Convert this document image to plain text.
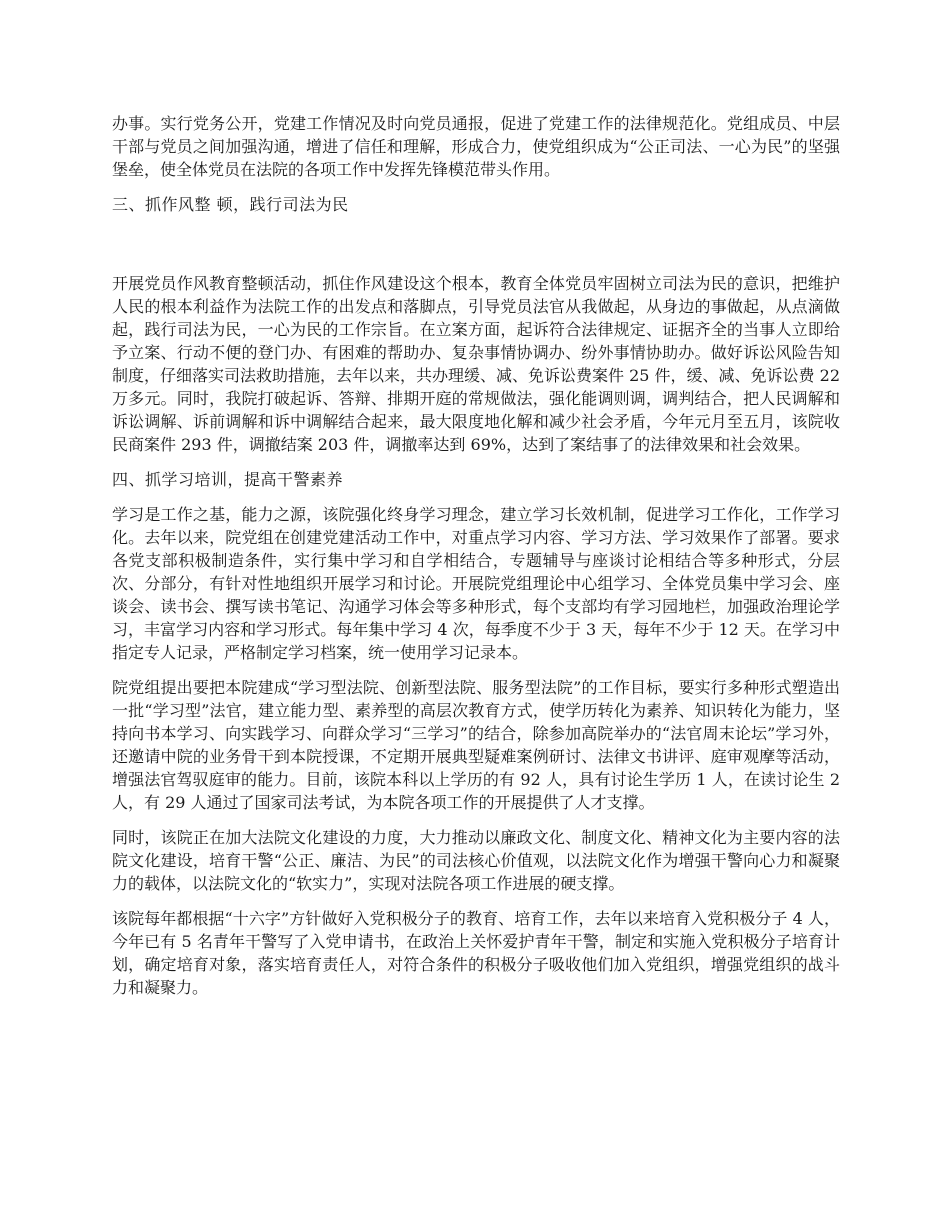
办事。实行党务公开，党建工作情况及时向党员通报，促进了党建工作的法律规范化。党组成员、中层干部与党员之间加强沟通，增进了信任和理解，形成合力，使党组织成为“公正司法、一心为民”的坚强堡垒，使全体党员在法院的各项工作中发挥先锋模范带头作用。

三、抓作风整 顿，践行司法为民

开展党员作风教育整顿活动，抓住作风建设这个根本，教育全体党员牢固树立司法为民的意识，把维护人民的根本利益作为法院工作的出发点和落脚点，引导党员法官从我做起，从身边的事做起，从点滴做起，践行司法为民，一心为民的工作宗旨。在立案方面，起诉符合法律规定、证据齐全的当事人立即给予立案、行动不便的登门办、有困难的帮助办、复杂事情协调办、纷外事情协助办。做好诉讼风险告知制度，仔细落实司法救助措施，去年以来，共办理缓、减、免诉讼费案件 25 件，缓、减、免诉讼费 22 万多元。同时，我院打破起诉、答辩、排期开庭的常规做法，强化能调则调，调判结合，把人民调解和诉讼调解、诉前调解和诉中调解结合起来，最大限度地化解和减少社会矛盾，今年元月至五月，该院收民商案件 293 件，调撤结案 203 件，调撤率达到 69%，达到了案结事了的法律效果和社会效果。

四、抓学习培训，提高干警素养

学习是工作之基，能力之源，该院强化终身学习理念，建立学习长效机制，促进学习工作化，工作学习化。去年以来，院党组在创建党建活动工作中，对重点学习内容、学习方法、学习效果作了部署。要求各党支部积极制造条件，实行集中学习和自学相结合，专题辅导与座谈讨论相结合等多种形式，分层次、分部分，有针对性地组织开展学习和讨论。开展院党组理论中心组学习、全体党员集中学习会、座谈会、读书会、撰写读书笔记、沟通学习体会等多种形式，每个支部均有学习园地栏，加强政治理论学习，丰富学习内容和学习形式。每年集中学习 4 次，每季度不少于 3 天，每年不少于 12 天。在学习中指定专人记录，严格制定学习档案，统一使用学习记录本。

院党组提出要把本院建成“学习型法院、创新型法院、服务型法院”的工作目标，要实行多种形式塑造出一批“学习型”法官，建立能力型、素养型的高层次教育方式，使学历转化为素养、知识转化为能力，坚持向书本学习、向实践学习、向群众学习“三学习”的结合，除参加高院举办的“法官周末论坛”学习外，还邀请中院的业务骨干到本院授课，不定期开展典型疑难案例研讨、法律文书讲评、庭审观摩等活动，增强法官驾驭庭审的能力。目前，该院本科以上学历的有 92 人，具有讨论生学历 1 人，在读讨论生 2 人，有 29 人通过了国家司法考试，为本院各项工作的开展提供了人才支撑。

同时，该院正在加大法院文化建设的力度，大力推动以廉政文化、制度文化、精神文化为主要内容的法院文化建设，培育干警“公正、廉洁、为民”的司法核心价值观，以法院文化作为增强干警向心力和凝聚力的载体，以法院文化的“软实力”，实现对法院各项工作进展的硬支撑。

该院每年都根据“十六字”方针做好入党积极分子的教育、培育工作，去年以来培育入党积极分子 4 人，今年已有 5 名青年干警写了入党申请书，在政治上关怀爱护青年干警，制定和实施入党积极分子培育计划，确定培育对象，落实培育责任人，对符合条件的积极分子吸收他们加入党组织，增强党组织的战斗力和凝聚力。
